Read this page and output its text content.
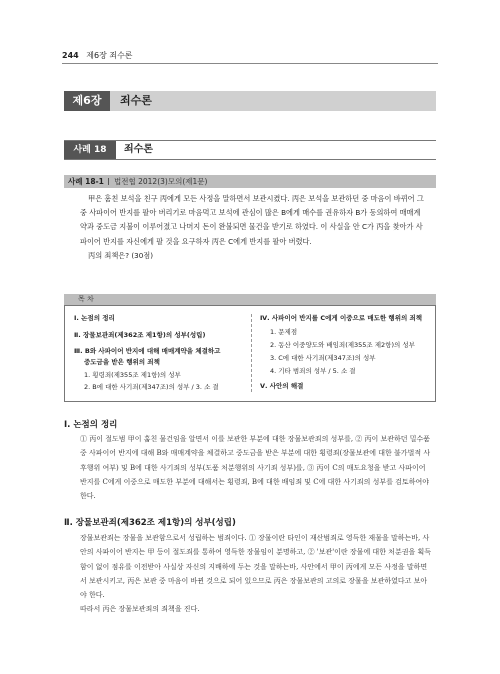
244 제6장 죄수론
제6장	죄수론
사례 18	죄수론
사례 18-1 법전협 2012(3)모의(제1문)

甲은 훔친 보석을 친구 丙에게 모든 사정을 말하면서 보관시켰다. 丙은 보석을 보관하던 중 마음이 바뀌어 그중 사파이어 반지를 팔아 버리기로 마음먹고 보석에 관심이 많은 B에게 매수를 권유하자 B가 동의하여 매매계약과 중도금 지불이 이루어졌고 나머지 돈이 완불되면 물건을 받기로 하였다. 이 사실을 안 C가 丙을 찾아가 사파이어 반지를 자신에게 팔 것을 요구하자 丙은 C에게 반지를 팔아 버렸다.

丙의 죄책은? (30점)
목 차
Ⅰ. 논점의 정리
Ⅱ. 장물보관죄(제362조 제1항)의 성부(성립)
Ⅲ. B와 사파이어 반지에 대해 매매계약을 체결하고
중도금을 받은 행위의 죄책
1. 횡령죄(제355조 제1항)의 성부
2. B에 대한 사기죄(제347조)의 성부 / 3. 소 결
Ⅳ. 사파이어 반지를 C에게 이중으로 매도한 행위의 죄책
1. 문제점
2. 동산 이중양도와 배임죄(제355조 제2항)의 성부
3. C에 대한 사기죄(제347조)의 성부
4. 기타 범죄의 성부 / 5. 소 결
Ⅴ. 사안의 해결
Ⅰ. 논점의 정리

① 丙이 절도범 甲이 훔친 물건임을 알면서 이를 보관한 부분에 대한 장물보관죄의 성부를, ② 丙이 보관하던 밀수품 중 사파이어 반지에 대해 B와 매매계약을 체결하고 중도금을 받은 부분에 대한 횡령죄(장물보관에 대한 불가벌적 사후행위 여부) 및 B에 대한 사기죄의 성부(도품 처분행위의 사기죄 성부)를, ③ 丙이 C의 매도요청을 받고 사파이어 반지를 C에게 이중으로 매도한 부분에 대해서는 횡령죄, B에 대한 배임죄 및 C에 대한 사기죄의 성부를 검토하여야 한다.

Ⅱ. 장물보관죄(제362조 제1항)의 성부(성립)

장물보관죄는 장물을 보관함으로서 성립하는 범죄이다. ① 장물이란 타인이 재산범죄로 영득한 재물을 말하는바, 사안의 사파이어 반지는 甲 등이 절도죄를 통하여 영득한 장물임이 분명하고, ② '보관'이란 장물에 대한 처분권을 획득함이 없이 점유를 이전받아 사실상 자신의 지배하에 두는 것을 말하는바, 사안에서 甲이 丙에게 모든 사정을 말하면서 보관시키고, 丙은 보관 중 마음이 바뀐 것으로 되어 있으므로 丙은 장물보관의 고의로 장물을 보관하였다고 보아야 한다.

따라서 丙은 장물보관죄의 죄책을 진다.
